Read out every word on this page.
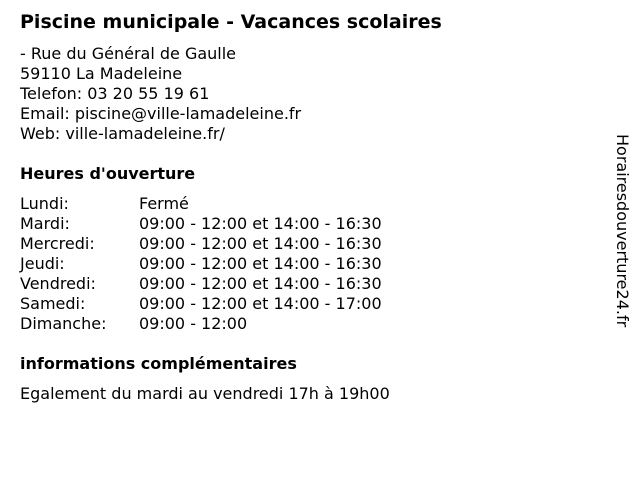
Piscine municipale - Vacances scolaires
- Rue du Général de Gaulle
59110 La Madeleine
Telefon: 03 20 55 19 61
Email: piscine@ville-lamadeleine.fr
Web: ville-lamadeleine.fr/
Heures d'ouverture
Lundi:	Fermé
Mardi:	09:00 - 12:00 et 14:00 - 16:30
Mercredi:	09:00 - 12:00 et 14:00 - 16:30
Jeudi:	09:00 - 12:00 et 14:00 - 16:30
Vendredi:	09:00 - 12:00 et 14:00 - 16:30
Samedi:	09:00 - 12:00 et 14:00 - 17:00
Dimanche:	09:00 - 12:00
informations complémentaires
Egalement du mardi au vendredi 17h à 19h00
Horairesdouverture24.fr
